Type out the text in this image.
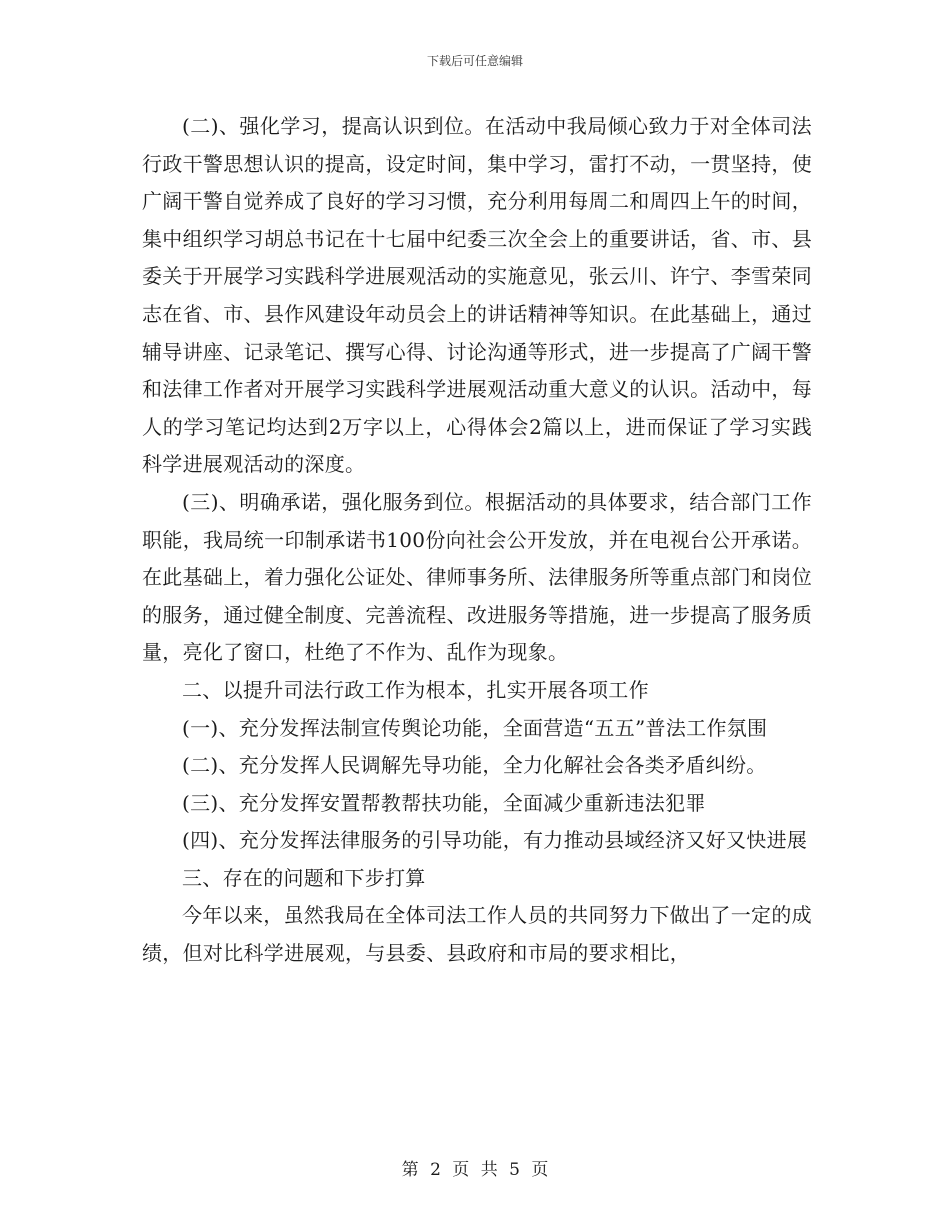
下载后可任意编辑

(二)、强化学习，提高认识到位。在活动中我局倾心致力于对全体司法行政干警思想认识的提高，设定时间，集中学习，雷打不动，一贯坚持，使广阔干警自觉养成了良好的学习习惯，充分利用每周二和周四上午的时间，集中组织学习胡总书记在十七届中纪委三次全会上的重要讲话，省、市、县委关于开展学习实践科学进展观活动的实施意见，张云川、许宁、李雪荣同志在省、市、县作风建设年动员会上的讲话精神等知识。在此基础上，通过辅导讲座、记录笔记、撰写心得、讨论沟通等形式，进一步提高了广阔干警和法律工作者对开展学习实践科学进展观活动重大意义的认识。活动中，每人的学习笔记均达到2万字以上，心得体会2篇以上，进而保证了学习实践科学进展观活动的深度。

(三)、明确承诺，强化服务到位。根据活动的具体要求，结合部门工作职能，我局统一印制承诺书100份向社会公开发放，并在电视台公开承诺。在此基础上，着力强化公证处、律师事务所、法律服务所等重点部门和岗位的服务，通过健全制度、完善流程、改进服务等措施，进一步提高了服务质量，亮化了窗口，杜绝了不作为、乱作为现象。

二、以提升司法行政工作为根本，扎实开展各项工作

(一)、充分发挥法制宣传舆论功能，全面营造“五五”普法工作氛围

(二)、充分发挥人民调解先导功能，全力化解社会各类矛盾纠纷。

(三)、充分发挥安置帮教帮扶功能，全面减少重新违法犯罪

(四)、充分发挥法律服务的引导功能，有力推动县域经济又好又快进展

三、存在的问题和下步打算

今年以来，虽然我局在全体司法工作人员的共同努力下做出了一定的成绩，但对比科学进展观，与县委、县政府和市局的要求相比，

第 2 页 共 5 页
